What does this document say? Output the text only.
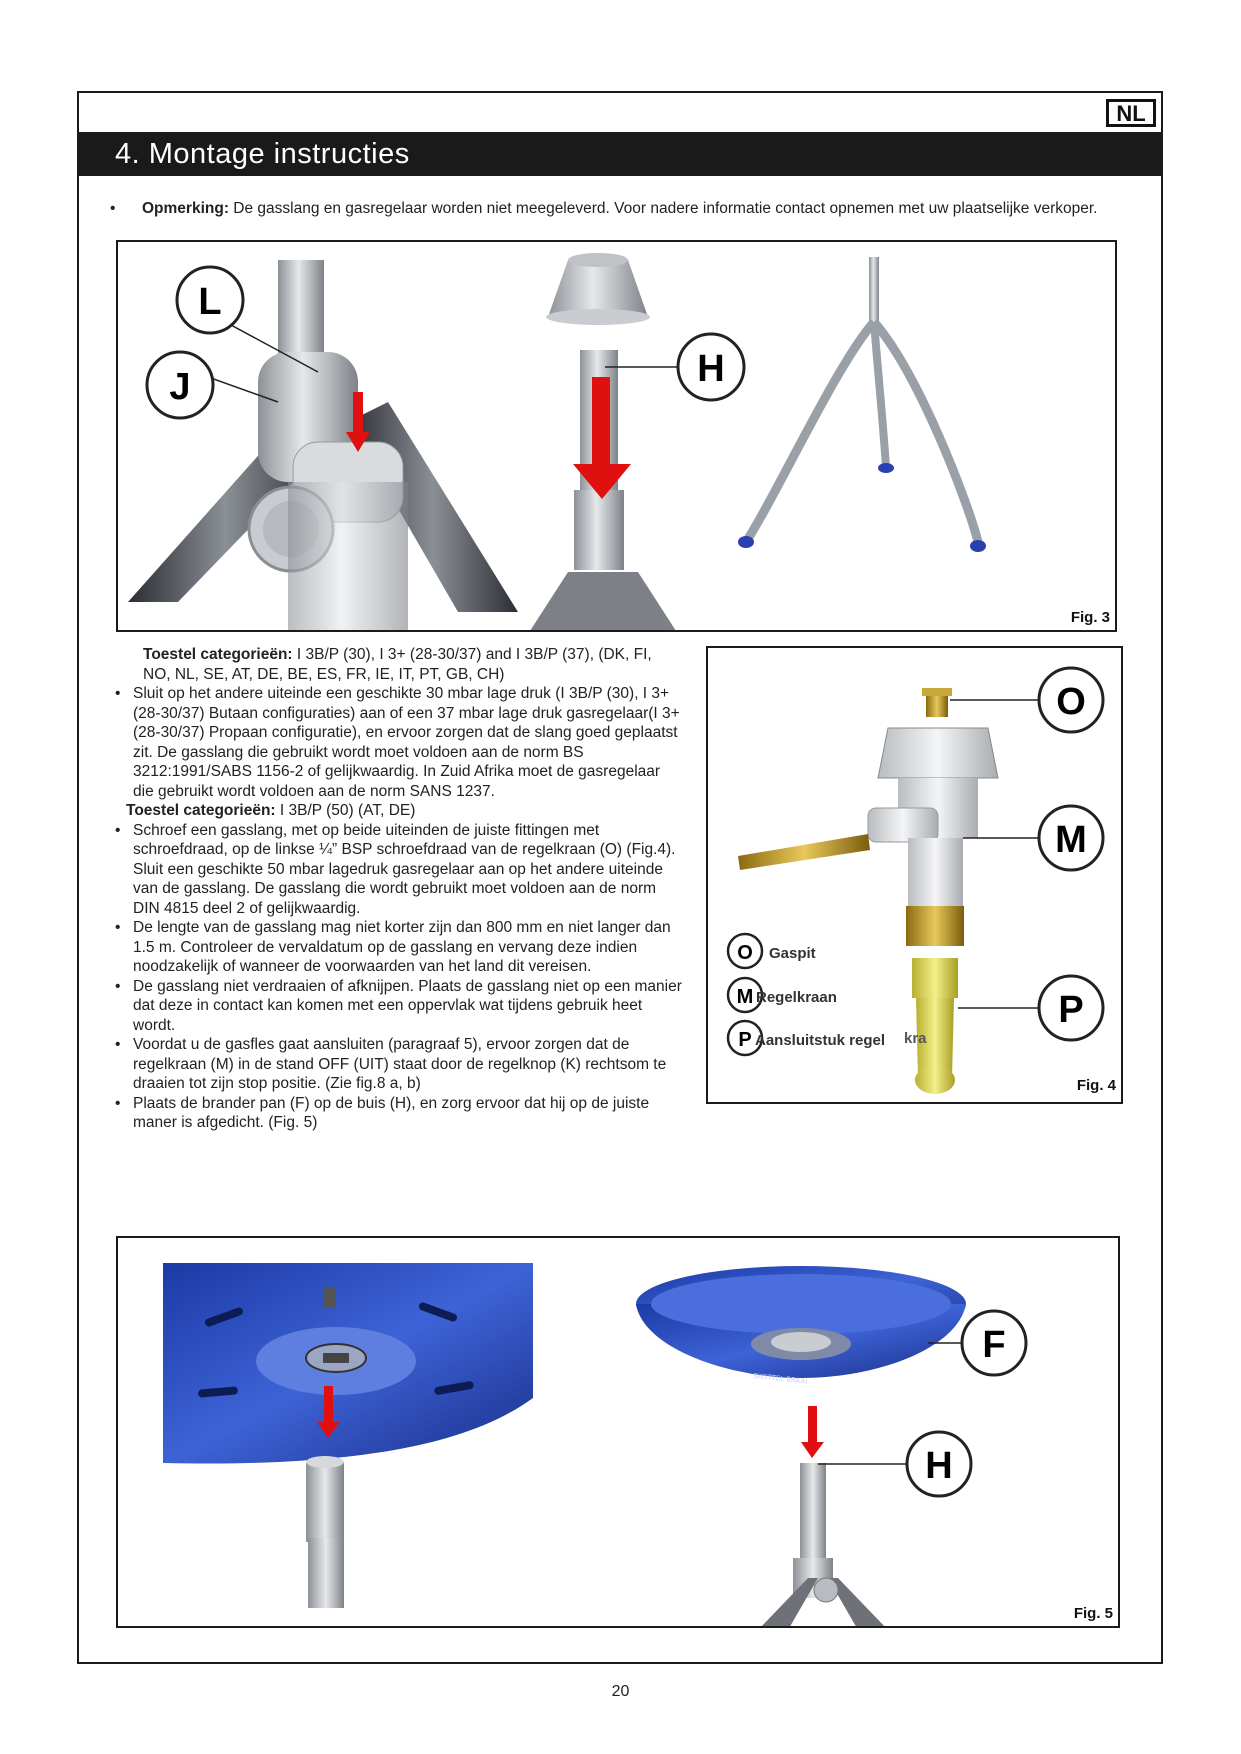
NL
4. Montage instructies
• Opmerking: De gasslang en gasregelaar worden niet meegeleverd. Voor nadere informatie contact opnemen met uw plaatselijke verkoper.
L
J	H
Fig. 3

Toestel categorieën: I 3B/P (30), I 3+ (28-30/37) and I 3B/P (37), (DK, FI, NO, NL, SE, AT, DE, BE, ES, FR, IE, IT, PT, GB, CH)

• Sluit op het andere uiteinde een geschikte 30 mbar lage druk (I 3B/P (30), I 3+ (28-30/37) Butaan configuraties) aan of een 37 mbar lage druk gasregelaar(I 3+ (28-30/37) Propaan configuratie), en ervoor zorgen dat de slang goed geplaatst zit. De gasslang die gebruikt wordt moet voldoen aan de norm BS 3212:1991/SABS 1156-2 of gelijkwaardig. In Zuid Afrika moet de gasregelaar die gebruikt wordt voldoen aan de norm SANS 1237.

Toestel categorieën: I 3B/P (50) (AT, DE)

• Schroef een gasslang, met op beide uiteinden de juiste fittingen met schroefdraad, op de linkse ¼” BSP schroefdraad van de regelkraan (O) (Fig.4). Sluit een geschikte 50 mbar lagedruk gasregelaar aan op het andere uiteinde van de gasslang. De gasslang die wordt gebruikt moet voldoen aan de norm DIN 4815 deel 2 of gelijkwaardig.

• De lengte van de gasslang mag niet korter zijn dan 800 mm en niet langer dan 1.5 m. Controleer de vervaldatum op de gasslang en vervang deze indien noodzakelijk of wanneer de voorwaarden van het land dit vereisen.

• De gasslang niet verdraaien of afknijpen. Plaats de gasslang niet op een manier dat deze in contact kan komen met een oppervlak wat tijdens gebruik heet wordt.

• Voordat u de gasfles gaat aansluiten (paragraaf 5), ervoor zorgen dat de regelkraan (M) in de stand OFF (UIT) staat door de regelknop (K) rechtsom te draaien tot zijn stop positie. (Zie fig.8 a, b)

• Plaats de brander pan (F) op de buis (H), en zorg ervoor dat hij op de juiste maner is afgedicht. (Fig. 5)

O
M
P
O
M
P
Gaspit
Regelkraan
Aansluitstuk regel kra
Fig. 4
SKOTTEL BRAAI
F
H
Fig. 5
20
